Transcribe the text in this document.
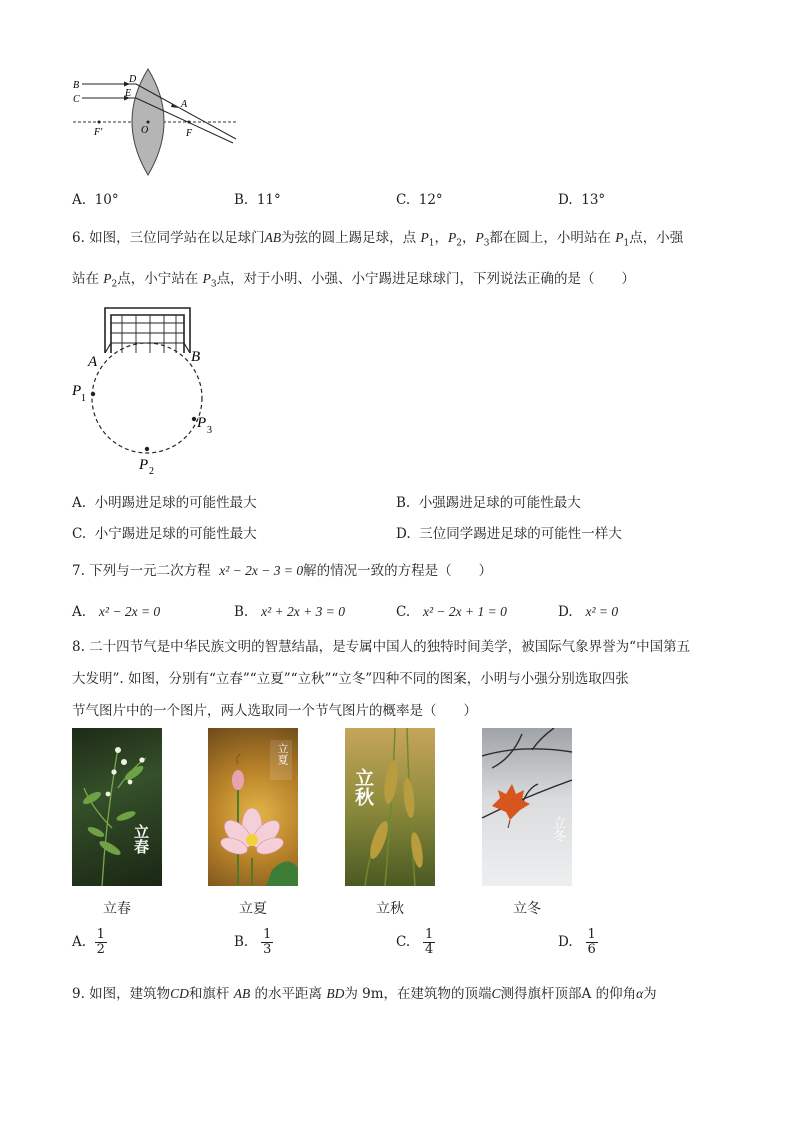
B
C
D
E
A
F′	O	F
A. 10°	B. 11°	C. 12°	D. 13°
6. 如图，三位同学站在以足球门AB为弦的圆上踢足球，点 $P_1$，$P_2$，$P_3$都在圆上，小明站在 $P_1$点，小强
站在 $P_2$点，小宁站在 $P_3$点，对于小明、小强、小宁踢进足球球门，下列说法正确的是（　　）
A	B
P 1
P 2
P 3
A. 小明踢进足球的可能性最大	B. 小强踢进足球的可能性最大
C. 小宁踢进足球的可能性最大	D. 三位同学踢进足球的可能性一样大
7. 下列与一元二次方程 x² − 2x − 3 = 0解的情况一致的方程是（　　）
A. x² − 2x = 0	B. x² + 2x + 3 = 0	C. x² − 2x + 1 = 0	D. x² = 0
8. 二十四节气是中华民族文明的智慧结晶，是专属中国人的独特时间美学，被国际气象界誉为“中国第五
大发明”. 如图，分别有“立春”“立夏”“立秋”“立冬”四种不同的图案，小明与小强分别选取四张
节气图片中的一个图片，两人选取同一个节气图片的概率是（　　）
立春
立夏
立秋
立冬
立春	立夏	立秋	立冬
A. $\frac{1}{2}$	B. $\frac{1}{3}$	C. $\frac{1}{4}$	D. $\frac{1}{6}$
9. 如图，建筑物CD和旗杆 AB 的水平距离 BD为 9m，在建筑物的顶端C测得旗杆顶部A 的仰角α为
